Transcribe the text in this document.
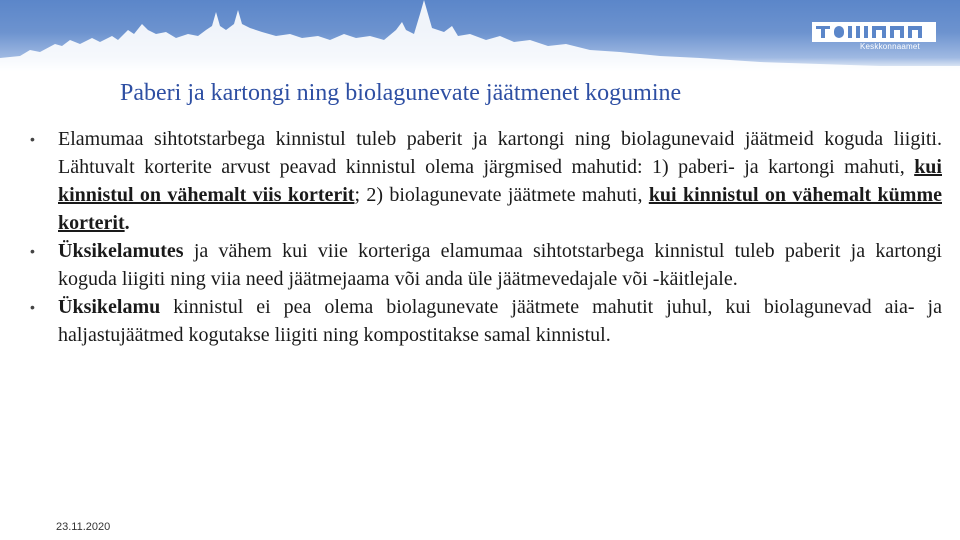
Keskkonnaamet
Paberi ja kartongi ning biolagunevate jäätmenet kogumine
• Elamumaa sihtotstarbega kinnistul tuleb paberit ja kartongi ning biolagunevaid jäätmeid koguda liigiti. Lähtuvalt korterite arvust peavad kinnistul olema järgmised mahutid: 1) paberi- ja kartongi mahuti, kui kinnistul on vähemalt viis korterit; 2) biolagunevate jäätmete mahuti, kui kinnistul on vähemalt kümme korterit.
• Üksikelamutes ja vähem kui viie korteriga elamumaa sihtotstarbega kinnistul tuleb paberit ja kartongi koguda liigiti ning viia need jäätmejaama või anda üle jäätmevedajale või -käitlejale.
• Üksikelamu kinnistul ei pea olema biolagunevate jäätmete mahutit juhul, kui biolagunevad aia- ja haljastujäätmed kogutakse liigiti ning kompostitakse samal kinnistul.
23.11.2020
